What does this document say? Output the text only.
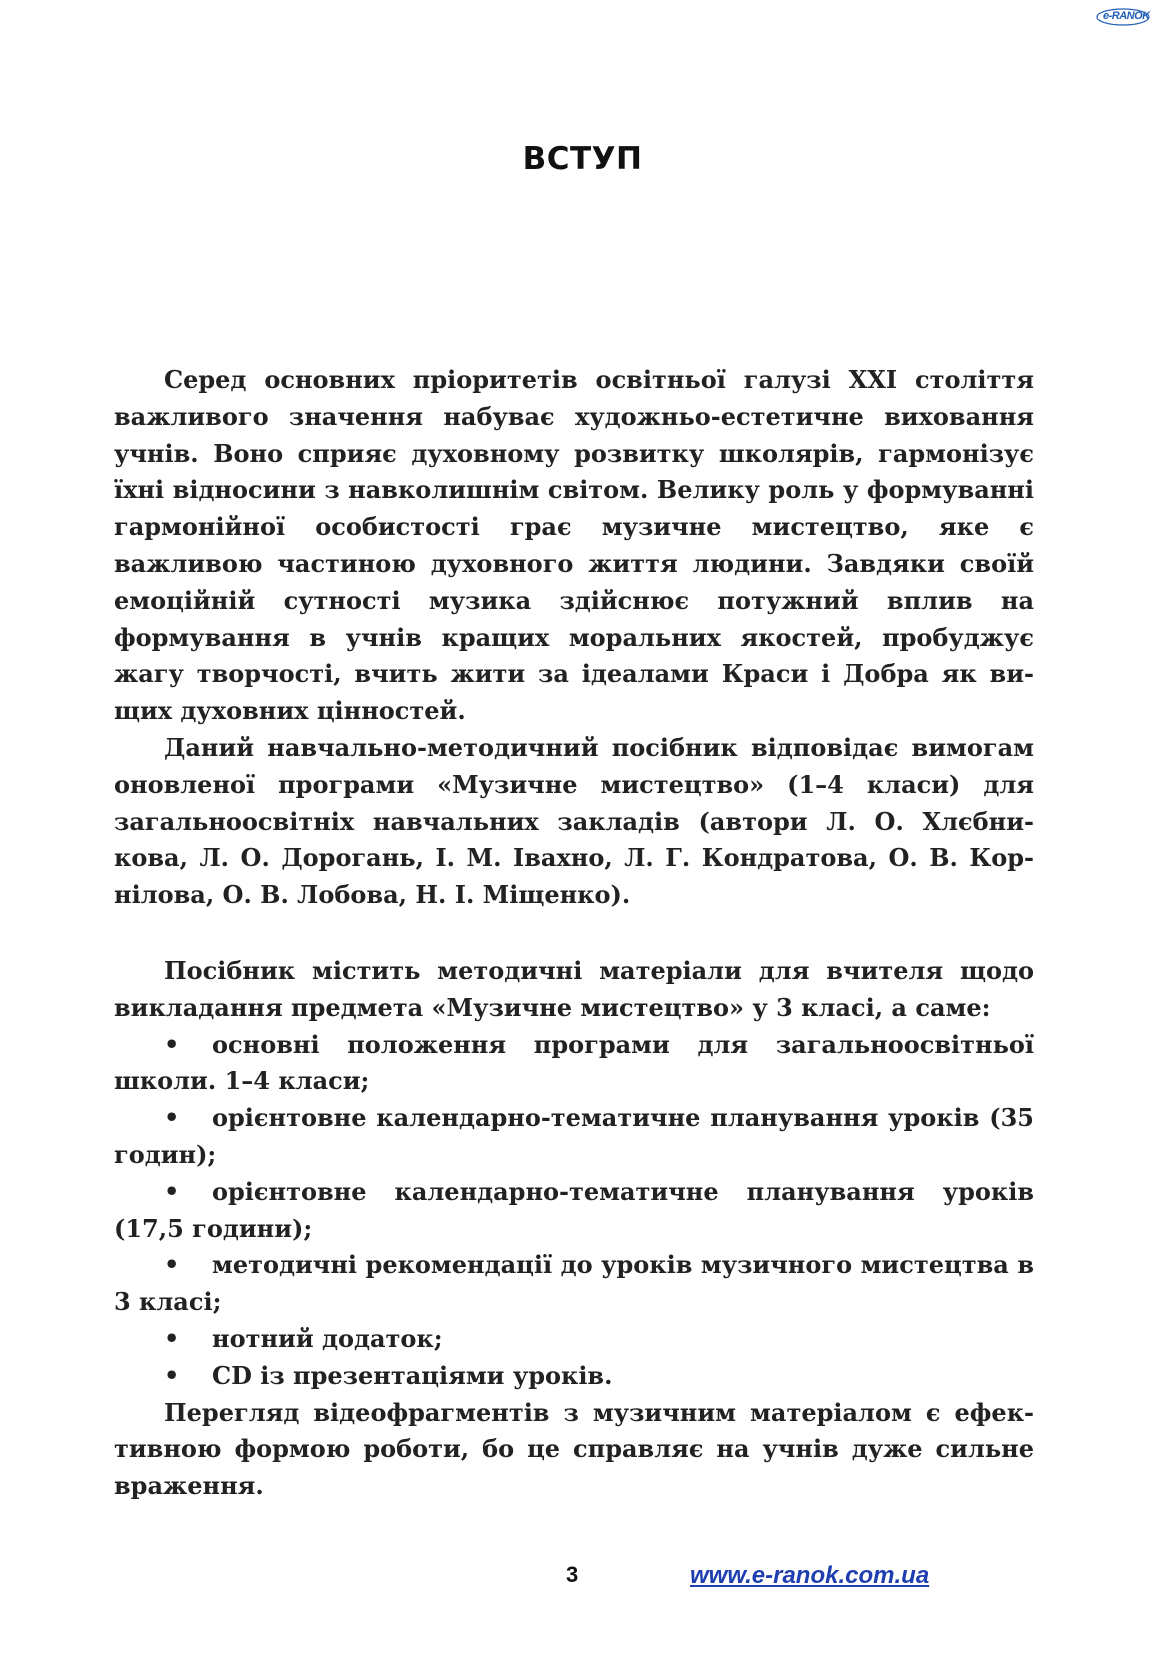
e-RANOK
ВСТУП

Серед основних пріоритетів освітньої галузі XXI століття важливого значення набуває художньо-естетичне виховання учнів. Воно сприяє духовному розвитку школярів, гармонізує їхні відносини з навколишнім світом. Велику роль у формуванні гармонійної особистості грає музичне мистецтво, яке є важливою частиною духовного життя людини. Завдяки своїй емоційній сутності музика здійснює потужний вплив на формування в учнів кращих моральних якостей, пробуджує жагу творчості, вчить жити за ідеалами Краси і Добра як вищих духовних цінностей.

Даний навчально-методичний посібник відповідає вимогам оновленої програми «Музичне мистецтво» (1–4 класи) для загальноосвітніх навчальних закладів (автори Л. О. Хлєбникова, Л. О. Дорогань, І. М. Івахно, Л. Г. Кондратова, О. В. Корнілова, О. В. Лобова, Н. І. Міщенко).

Посібник містить методичні матеріали для вчителя щодо викладання предмета «Музичне мистецтво» у 3 класі, а саме:

• основні положення програми для загальноосвітньої школи. 1–4 класи;
• орієнтовне календарно-тематичне планування уроків (35 годин);
• орієнтовне календарно-тематичне планування уроків (17,5 години);
• методичні рекомендації до уроків музичного мистецтва в 3 класі;
• нотний додаток;
• CD із презентаціями уроків.

Перегляд відеофрагментів з музичним матеріалом є ефективною формою роботи, бо це справляє на учнів дуже сильне враження.

3	www.e-ranok.com.ua
